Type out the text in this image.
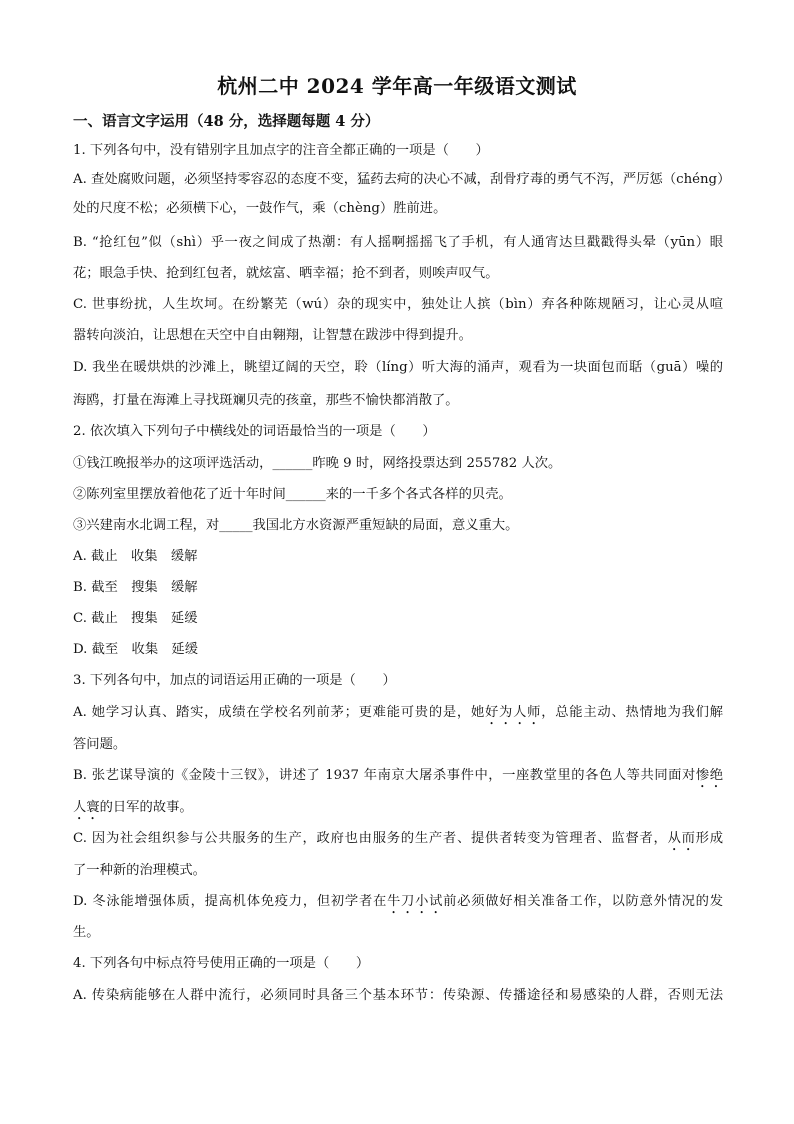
杭州二中 2024 学年高一年级语文测试
一、语言文字运用（48 分，选择题每题 4 分）
1. 下列各句中，没有错别字且加点字的注音全都正确的一项是（　　）
A. 查处腐败问题，必须坚持零容忍的态度不变，猛药去疴的决心不减，刮骨疗毒的勇气不泻，严厉惩（chéng）
处的尺度不松；必须横下心，一鼓作气，乘（chèng）胜前进。
B. “抢红包”似（shì）乎一夜之间成了热潮：有人摇啊摇摇飞了手机，有人通宵达旦戳戳得头晕（yūn）眼
花；眼急手快、抢到红包者，就炫富、晒幸福；抢不到者，则唉声叹气。
C. 世事纷扰，人生坎坷。在纷繁芜（wú）杂的现实中，独处让人摈（bìn）弃各种陈规陋习，让心灵从喧
嚣转向淡泊，让思想在天空中自由翱翔，让智慧在跋涉中得到提升。
D. 我坐在暖烘烘的沙滩上，眺望辽阔的天空，聆（líng）听大海的涌声，观看为一块面包而聒（guā）噪的
海鸥，打量在海滩上寻找斑斓贝壳的孩童，那些不愉快都消散了。
2. 依次填入下列句子中横线处的词语最恰当的一项是（　　）
①钱江晚报举办的这项评选活动，______昨晚 9 时，网络投票达到 255782 人次。
②陈列室里摆放着他花了近十年时间______来的一千多个各式各样的贝壳。
③兴建南水北调工程，对_____我国北方水资源严重短缺的局面，意义重大。
A. 截止　收集　缓解
B. 截至　搜集　缓解
C. 截止　搜集　延缓
D. 截至　收集　延缓
3. 下列各句中，加点的词语运用正确的一项是（　　）
A. 她学习认真、踏实，成绩在学校名列前茅；更难能可贵的是，她好为人师，总能主动、热情地为我们解
答问题。
B. 张艺谋导演的《金陵十三钗》，讲述了 1937 年南京大屠杀事件中，一座教堂里的各色人等共同面对惨绝
人寰的日军的故事。
C. 因为社会组织参与公共服务的生产，政府也由服务的生产者、提供者转变为管理者、监督者，从而形成
了一种新的治理模式。
D. 冬泳能增强体质，提高机体免疫力，但初学者在牛刀小试前必须做好相关准备工作，以防意外情况的发
生。
4. 下列各句中标点符号使用正确的一项是（　　）
A. 传染病能够在人群中流行，必须同时具备三个基本环节：传染源、传播途径和易感染的人群，否则无法
